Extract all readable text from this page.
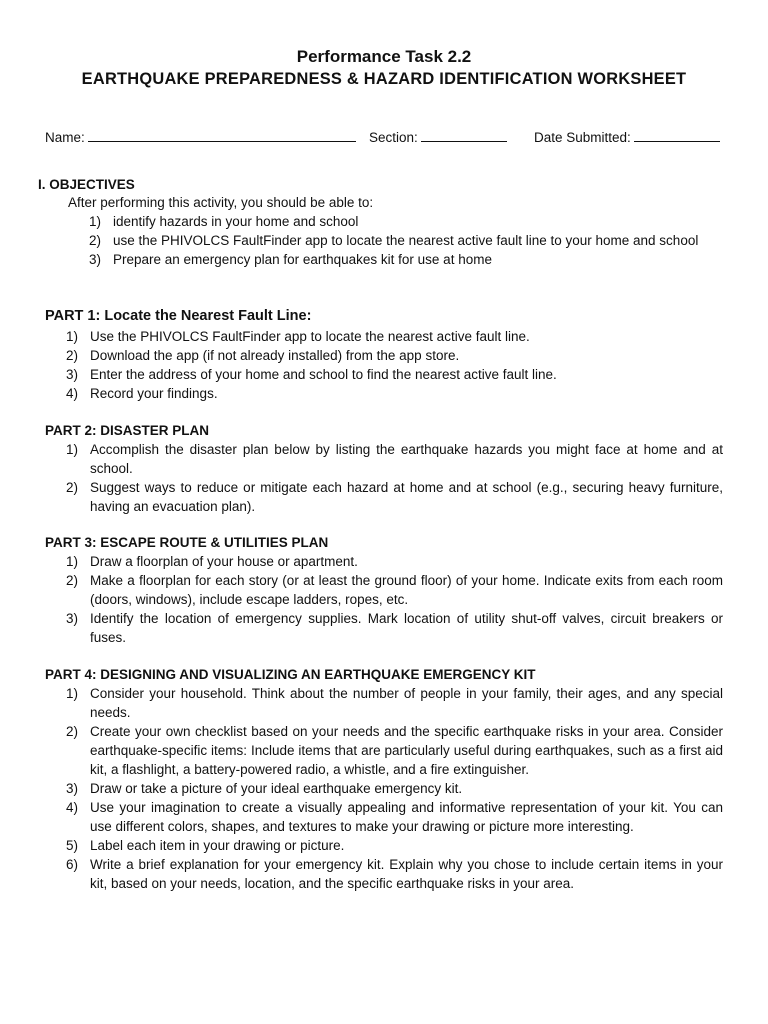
Performance Task 2.2
EARTHQUAKE PREPAREDNESS & HAZARD IDENTIFICATION WORKSHEET
Name:	Section:	Date Submitted:
I. OBJECTIVES
After performing this activity, you should be able to:
1) identify hazards in your home and school
2) use the PHIVOLCS FaultFinder app to locate the nearest active fault line to your home and school
3) Prepare an emergency plan for earthquakes kit for use at home
PART 1: Locate the Nearest Fault Line:
1) Use the PHIVOLCS FaultFinder app to locate the nearest active fault line.
2) Download the app (if not already installed) from the app store.
3) Enter the address of your home and school to find the nearest active fault line.
4) Record your findings.
PART 2: DISASTER PLAN
1) Accomplish the disaster plan below by listing the earthquake hazards you might face at home and at school.
2) Suggest ways to reduce or mitigate each hazard at home and at school (e.g., securing heavy furniture, having an evacuation plan).
PART 3: ESCAPE ROUTE & UTILITIES PLAN
1) Draw a floorplan of your house or apartment.
2) Make a floorplan for each story (or at least the ground floor) of your home. Indicate exits from each room (doors, windows), include escape ladders, ropes, etc.
3) Identify the location of emergency supplies. Mark location of utility shut-off valves, circuit breakers or fuses.
PART 4: DESIGNING AND VISUALIZING AN EARTHQUAKE EMERGENCY KIT
1) Consider your household. Think about the number of people in your family, their ages, and any special needs.
2) Create your own checklist based on your needs and the specific earthquake risks in your area. Consider earthquake-specific items: Include items that are particularly useful during earthquakes, such as a first aid kit, a flashlight, a battery-powered radio, a whistle, and a fire extinguisher.
3) Draw or take a picture of your ideal earthquake emergency kit.
4) Use your imagination to create a visually appealing and informative representation of your kit. You can use different colors, shapes, and textures to make your drawing or picture more interesting.
5) Label each item in your drawing or picture.
6) Write a brief explanation for your emergency kit. Explain why you chose to include certain items in your kit, based on your needs, location, and the specific earthquake risks in your area.
